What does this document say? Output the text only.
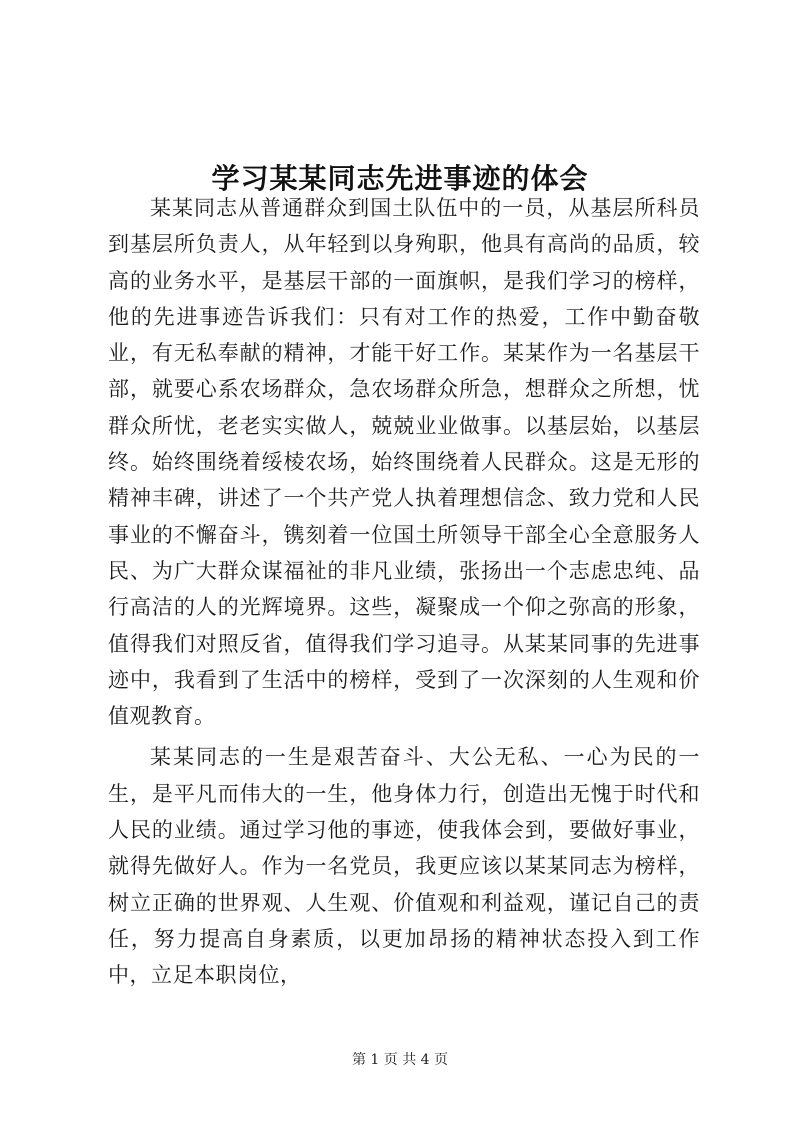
学习某某同志先进事迹的体会

某某同志从普通群众到国土队伍中的一员，从基层所科员到基层所负责人，从年轻到以身殉职，他具有高尚的品质，较高的业务水平，是基层干部的一面旗帜，是我们学习的榜样，他的先进事迹告诉我们：只有对工作的热爱，工作中勤奋敬业，有无私奉献的精神，才能干好工作。某某作为一名基层干部，就要心系农场群众，急农场群众所急，想群众之所想，忧群众所忧，老老实实做人，兢兢业业做事。以基层始，以基层终。始终围绕着绥棱农场，始终围绕着人民群众。这是无形的精神丰碑，讲述了一个共产党人执着理想信念、致力党和人民事业的不懈奋斗，镌刻着一位国土所领导干部全心全意服务人民、为广大群众谋福祉的非凡业绩，张扬出一个志虑忠纯、品行高洁的人的光辉境界。这些，凝聚成一个仰之弥高的形象，值得我们对照反省，值得我们学习追寻。从某某同事的先进事迹中，我看到了生活中的榜样，受到了一次深刻的人生观和价值观教育。

某某同志的一生是艰苦奋斗、大公无私、一心为民的一生，是平凡而伟大的一生，他身体力行，创造出无愧于时代和人民的业绩。通过学习他的事迹，使我体会到，要做好事业，就得先做好人。作为一名党员，我更应该以某某同志为榜样，树立正确的世界观、人生观、价值观和利益观，谨记自己的责任，努力提高自身素质，以更加昂扬的精神状态投入到工作中，立足本职岗位，

第 1 页 共 4 页
